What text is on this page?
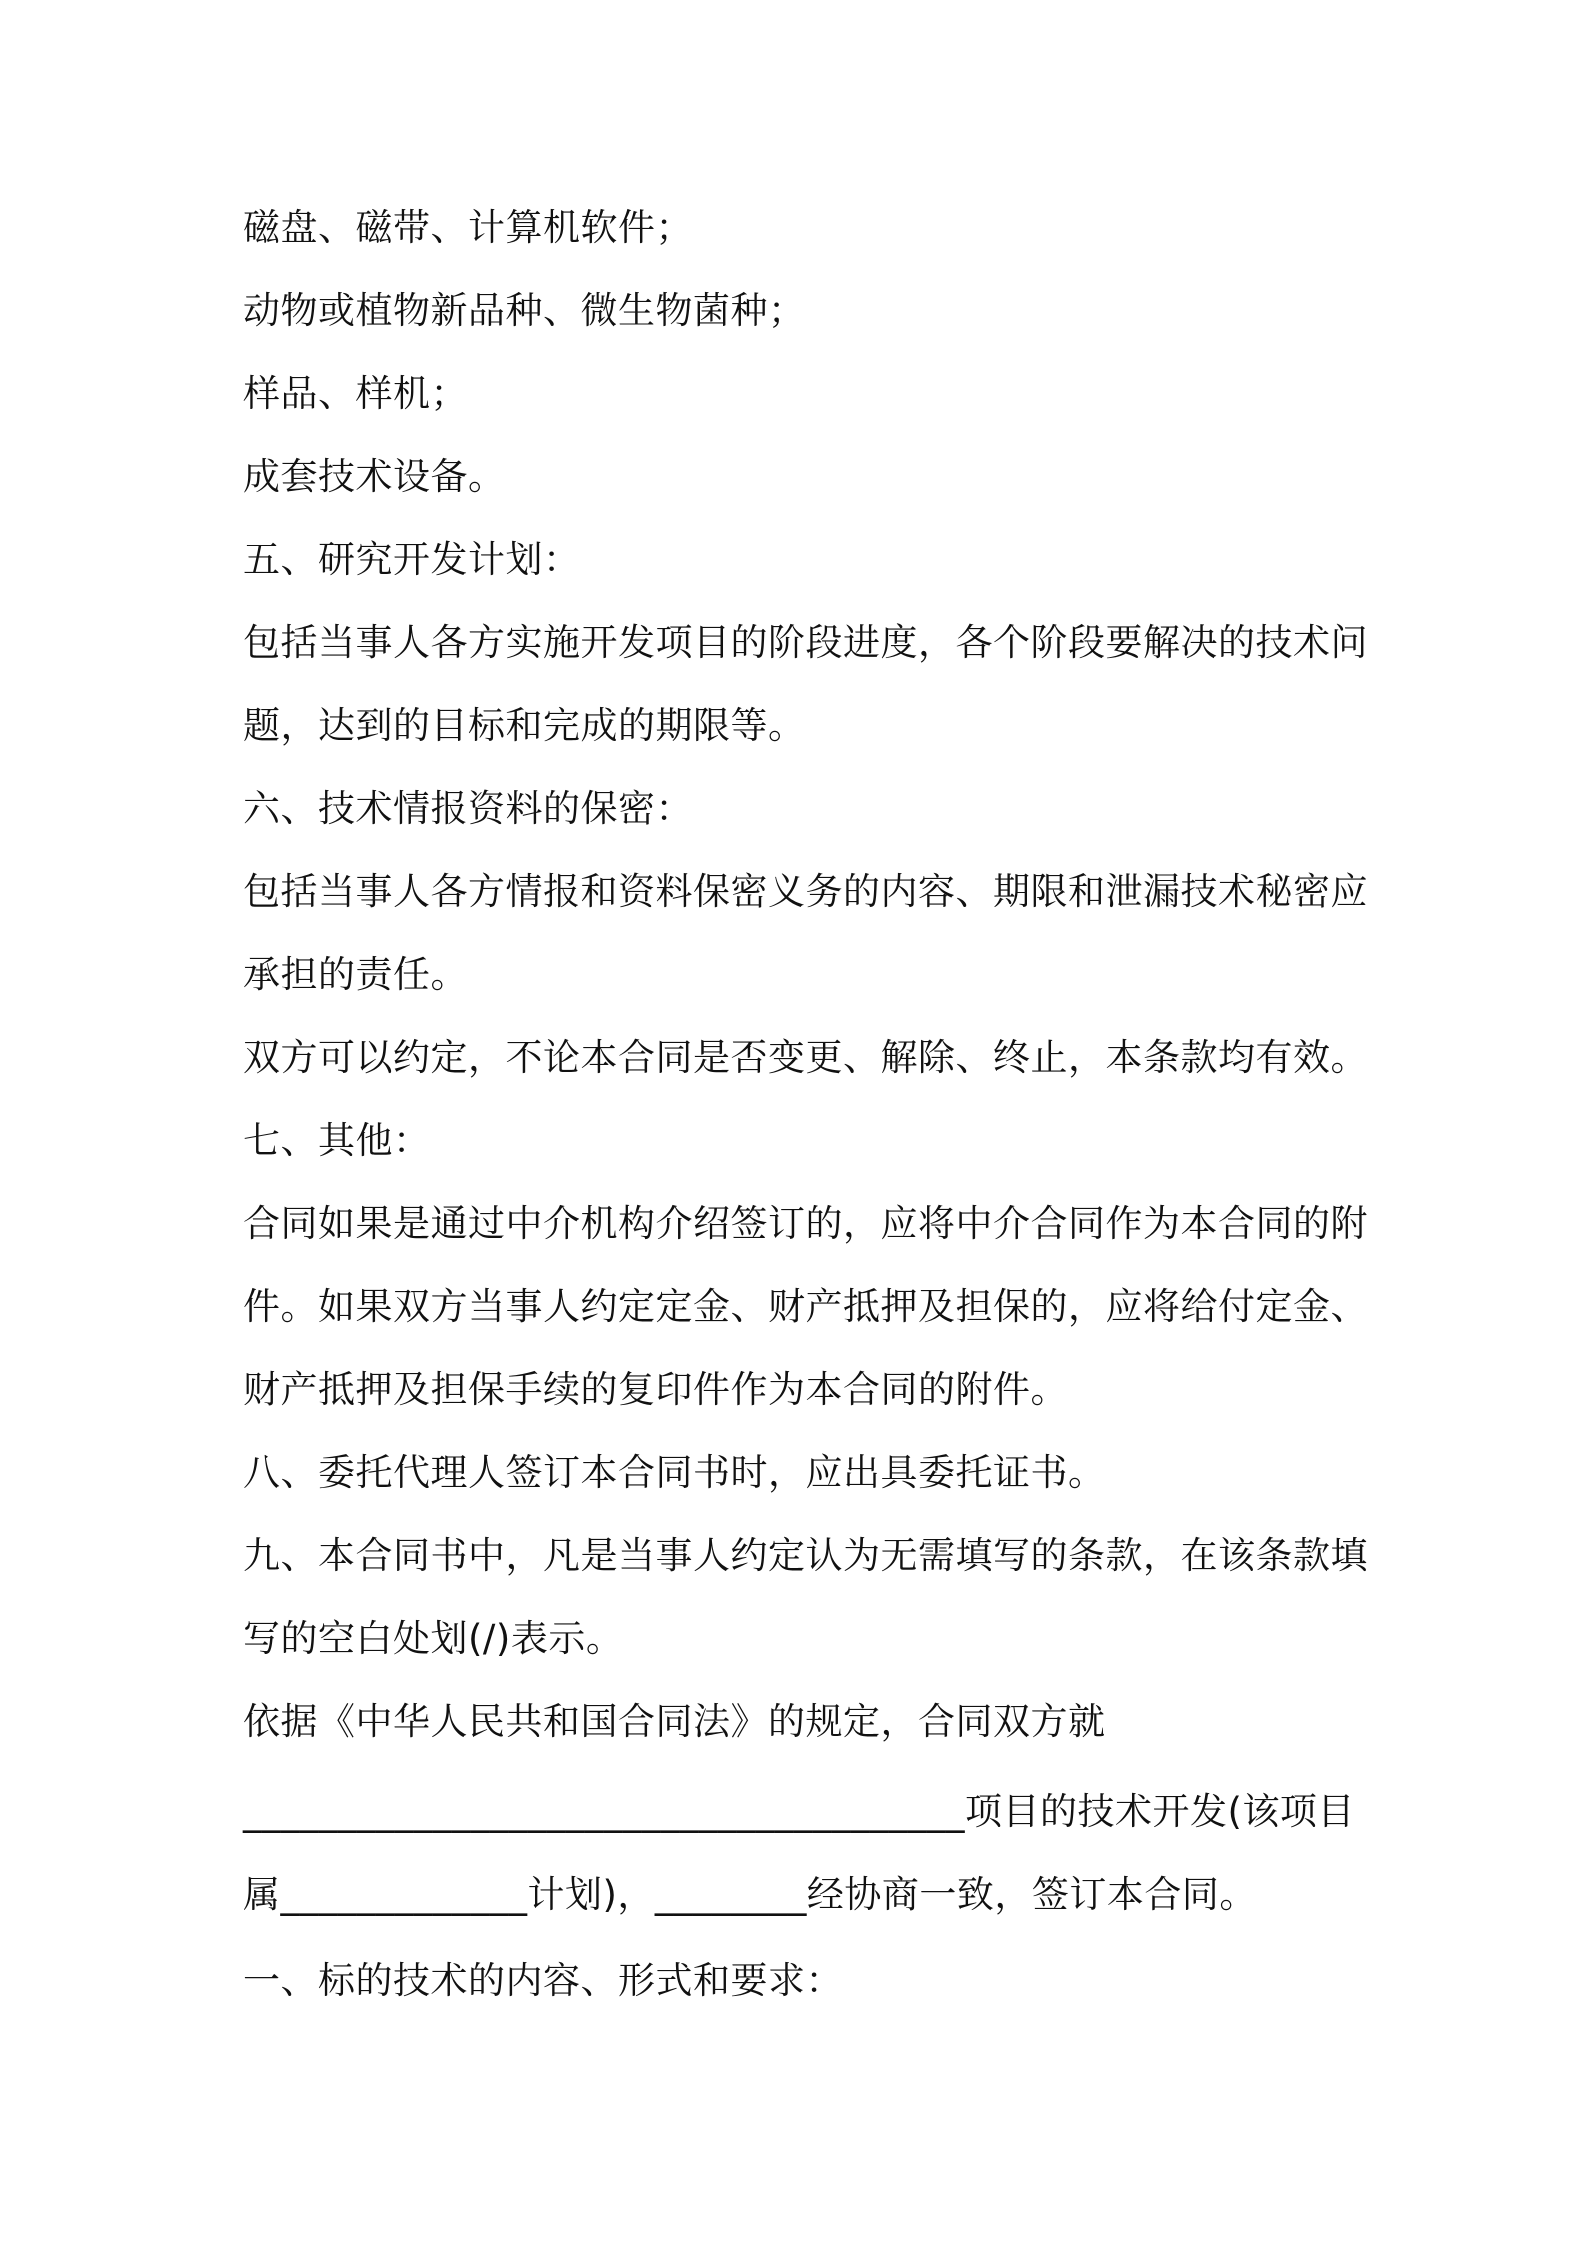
磁盘、磁带、计算机软件；
动物或植物新品种、微生物菌种；
样品、样机；
成套技术设备。
五、研究开发计划：
包括当事人各方实施开发项目的阶段进度，各个阶段要解决的技术问
题，达到的目标和完成的期限等。
六、技术情报资料的保密：
包括当事人各方情报和资料保密义务的内容、期限和泄漏技术秘密应
承担的责任。
双方可以约定，不论本合同是否变更、解除、终止，本条款均有效。
七、其他：
合同如果是通过中介机构介绍签订的，应将中介合同作为本合同的附
件。如果双方当事人约定定金、财产抵押及担保的，应将给付定金、
财产抵押及担保手续的复印件作为本合同的附件。
八、委托代理人签订本合同书时，应出具委托证书。
九、本合同书中，凡是当事人约定认为无需填写的条款，在该条款填
写的空白处划(/)表示。
依据《中华人民共和国合同法》的规定，合同双方就
______________________________________项目的技术开发(该项目
属_____________计划)，________经协商一致，签订本合同。
一、标的技术的内容、形式和要求：
